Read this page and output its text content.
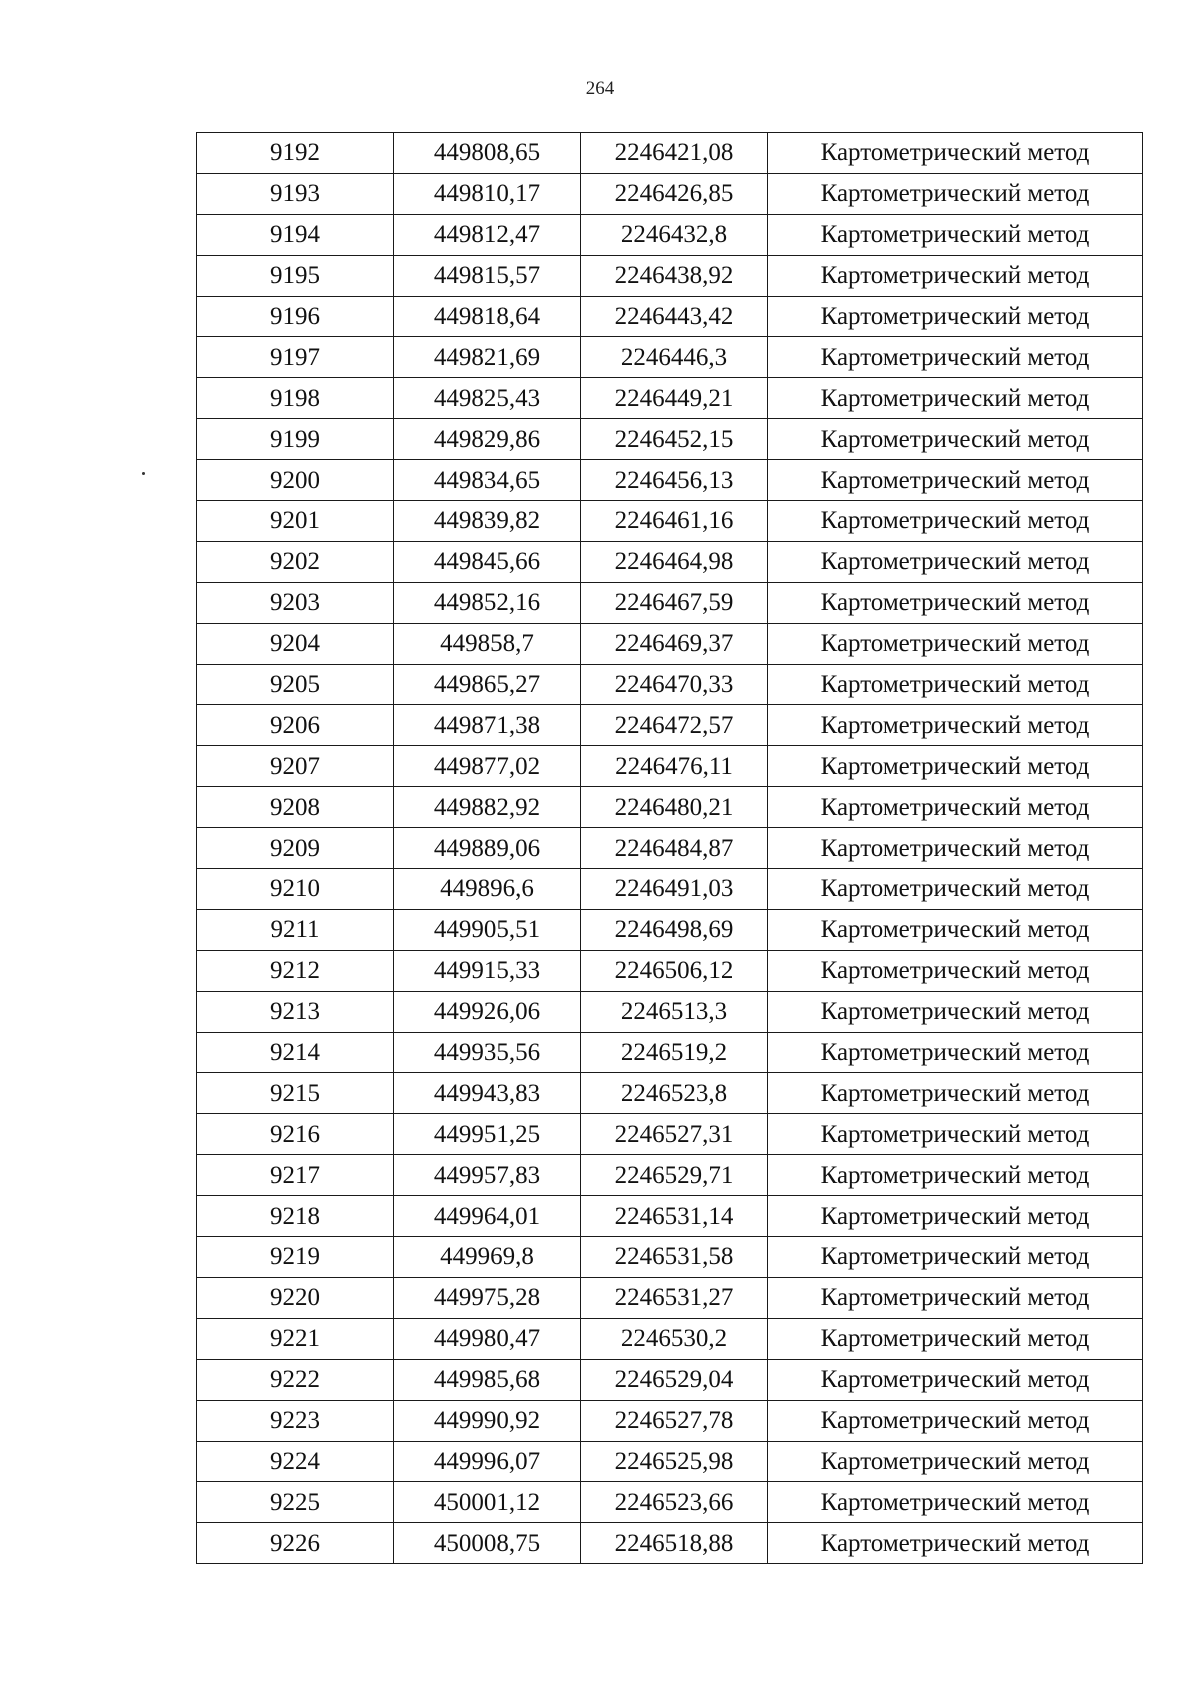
264
9192	449808,65	2246421,08	Картометрический метод
9193	449810,17	2246426,85	Картометрический метод
9194	449812,47	2246432,8	Картометрический метод
9195	449815,57	2246438,92	Картометрический метод
9196	449818,64	2246443,42	Картометрический метод
9197	449821,69	2246446,3	Картометрический метод
9198	449825,43	2246449,21	Картометрический метод
9199	449829,86	2246452,15	Картометрический метод
9200	449834,65	2246456,13	Картометрический метод
9201	449839,82	2246461,16	Картометрический метод
9202	449845,66	2246464,98	Картометрический метод
9203	449852,16	2246467,59	Картометрический метод
9204	449858,7	2246469,37	Картометрический метод
9205	449865,27	2246470,33	Картометрический метод
9206	449871,38	2246472,57	Картометрический метод
9207	449877,02	2246476,11	Картометрический метод
9208	449882,92	2246480,21	Картометрический метод
9209	449889,06	2246484,87	Картометрический метод
9210	449896,6	2246491,03	Картометрический метод
9211	449905,51	2246498,69	Картометрический метод
9212	449915,33	2246506,12	Картометрический метод
9213	449926,06	2246513,3	Картометрический метод
9214	449935,56	2246519,2	Картометрический метод
9215	449943,83	2246523,8	Картометрический метод
9216	449951,25	2246527,31	Картометрический метод
9217	449957,83	2246529,71	Картометрический метод
9218	449964,01	2246531,14	Картометрический метод
9219	449969,8	2246531,58	Картометрический метод
9220	449975,28	2246531,27	Картометрический метод
9221	449980,47	2246530,2	Картометрический метод
9222	449985,68	2246529,04	Картометрический метод
9223	449990,92	2246527,78	Картометрический метод
9224	449996,07	2246525,98	Картометрический метод
9225	450001,12	2246523,66	Картометрический метод
9226	450008,75	2246518,88	Картометрический метод
